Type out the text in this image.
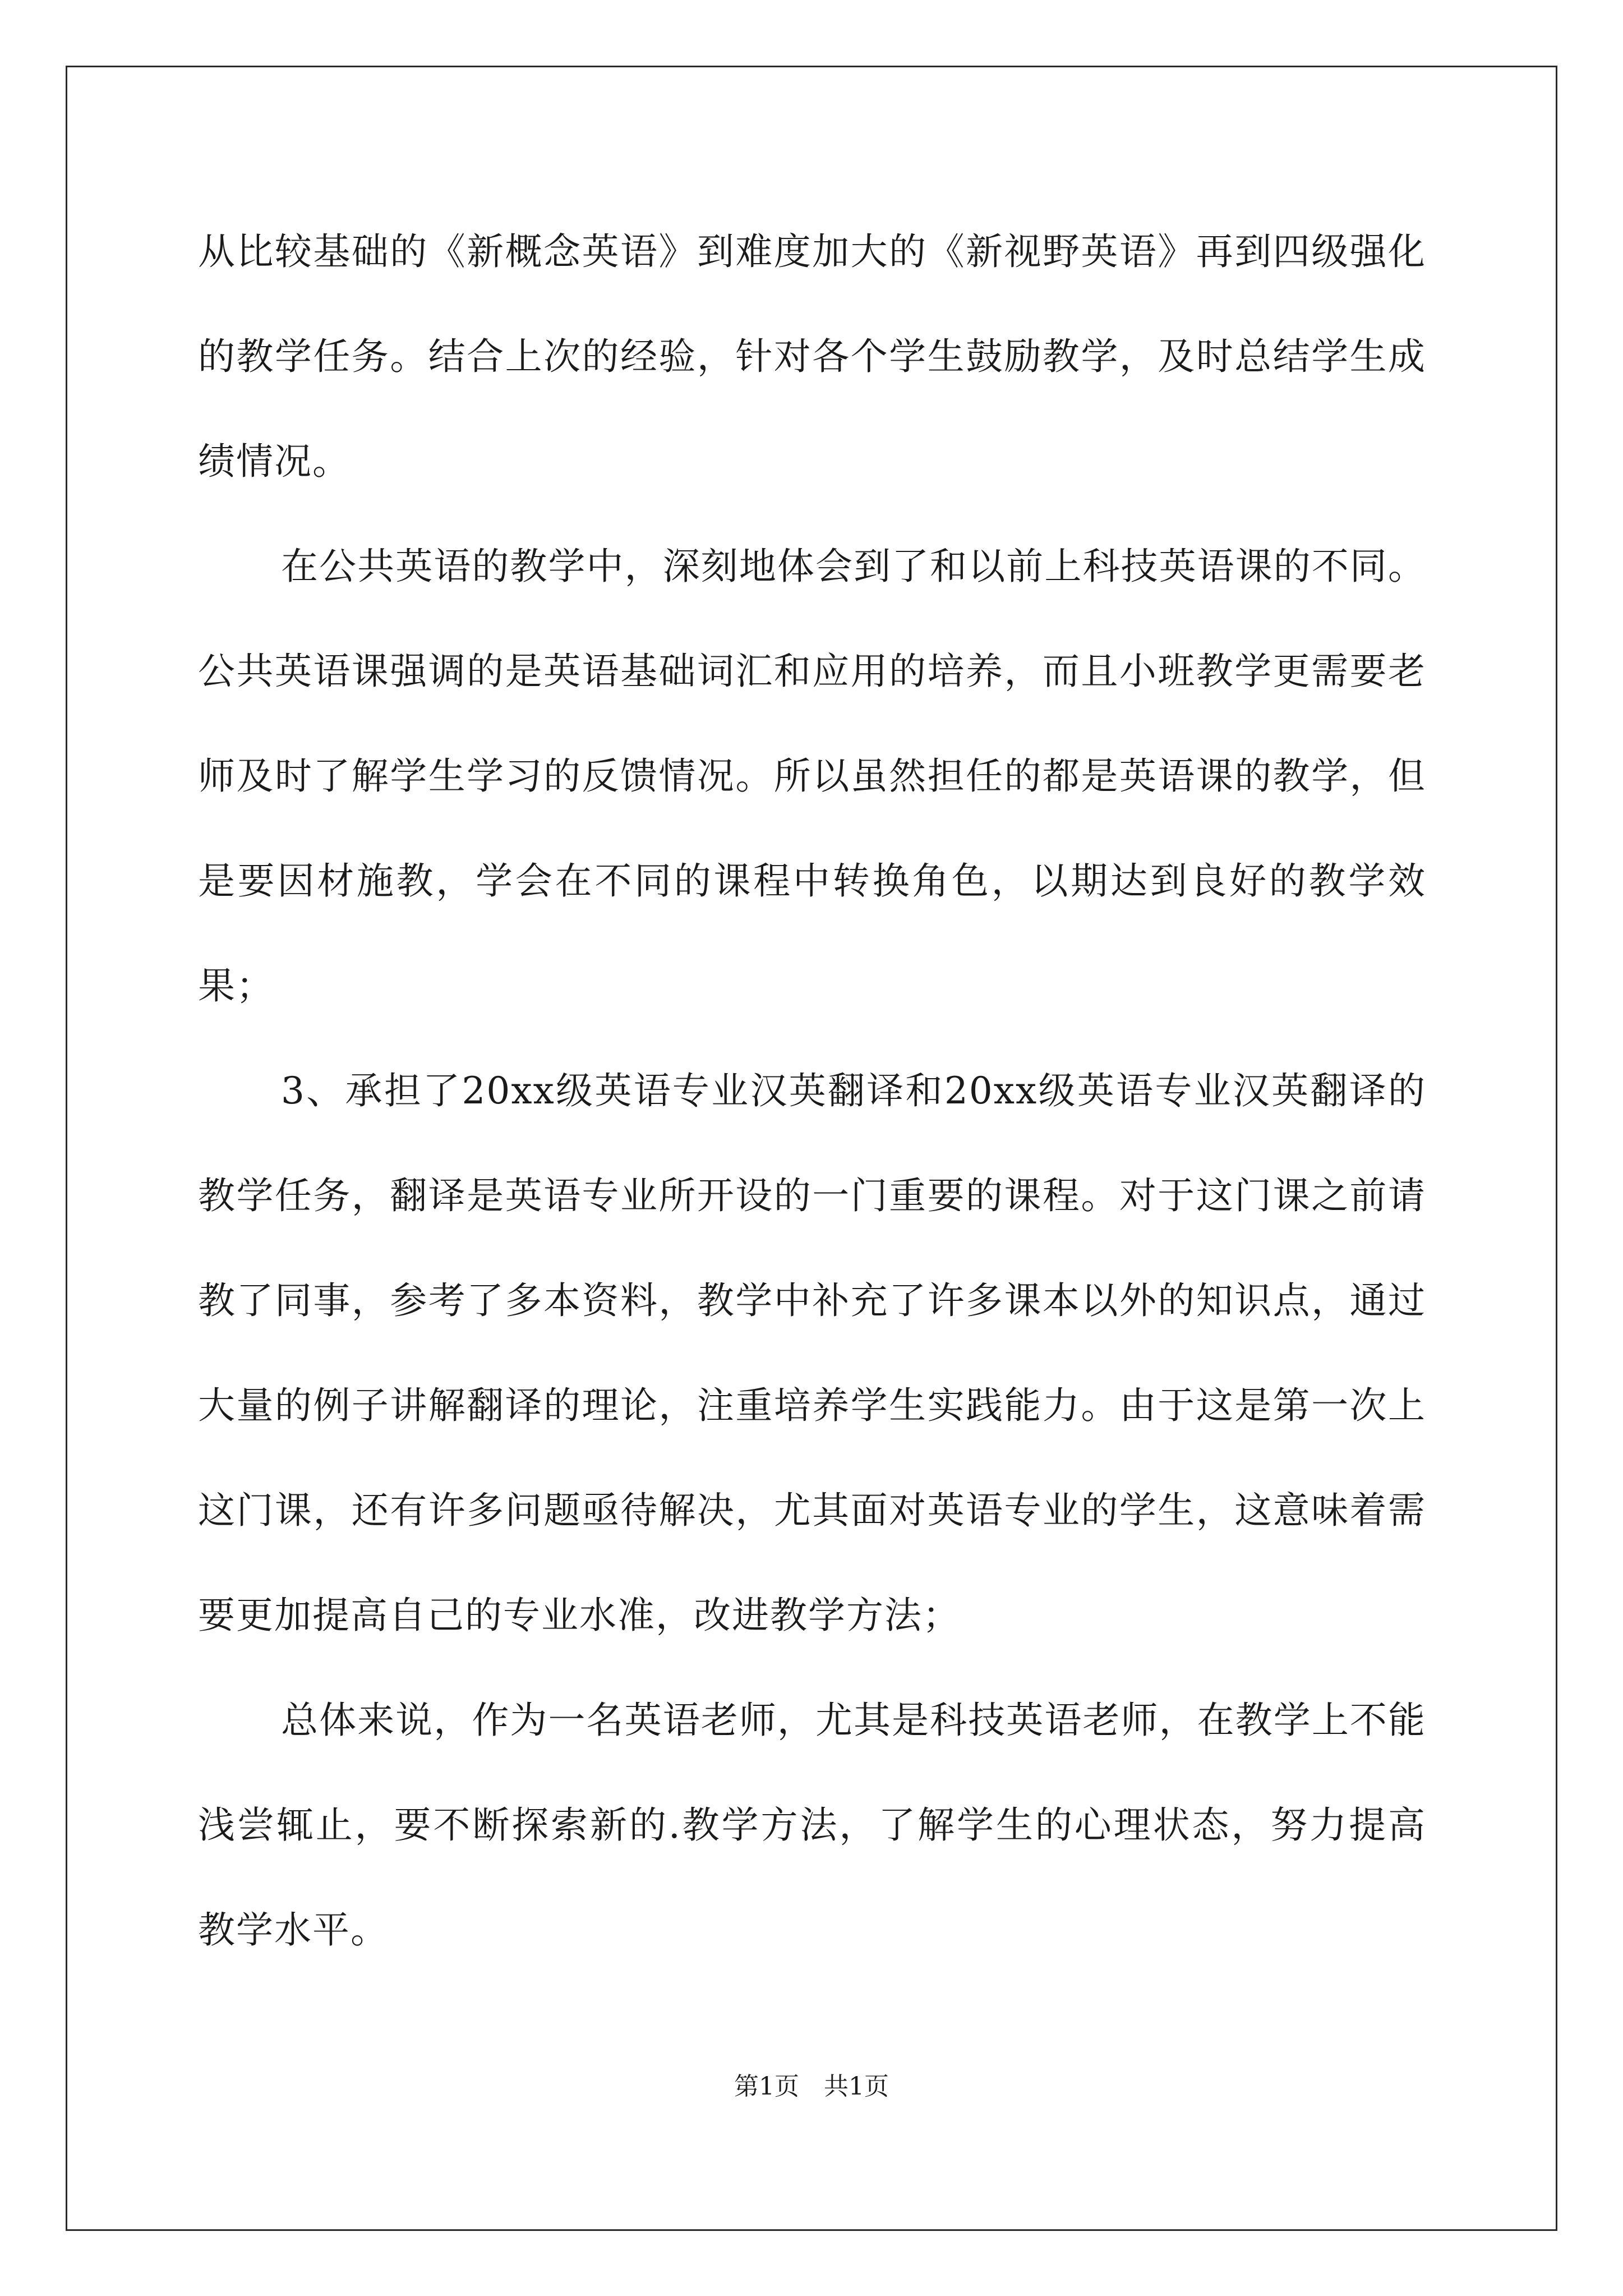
从比较基础的《新概念英语》到难度加大的《新视野英语》再到四级强化的教学任务。结合上次的经验，针对各个学生鼓励教学，及时总结学生成绩情况。

在公共英语的教学中，深刻地体会到了和以前上科技英语课的不同。公共英语课强调的是英语基础词汇和应用的培养，而且小班教学更需要老师及时了解学生学习的反馈情况。所以虽然担任的都是英语课的教学，但是要因材施教，学会在不同的课程中转换角色，以期达到良好的教学效果；

3、承担了20xx级英语专业汉英翻译和20xx级英语专业汉英翻译的教学任务，翻译是英语专业所开设的一门重要的课程。对于这门课之前请教了同事，参考了多本资料，教学中补充了许多课本以外的知识点，通过大量的例子讲解翻译的理论，注重培养学生实践能力。由于这是第一次上这门课，还有许多问题亟待解决，尤其面对英语专业的学生，这意味着需要更加提高自己的专业水准，改进教学方法；

总体来说，作为一名英语老师，尤其是科技英语老师，在教学上不能浅尝辄止，要不断探索新的.教学方法，了解学生的心理状态，努力提高教学水平。

第1页　共1页
